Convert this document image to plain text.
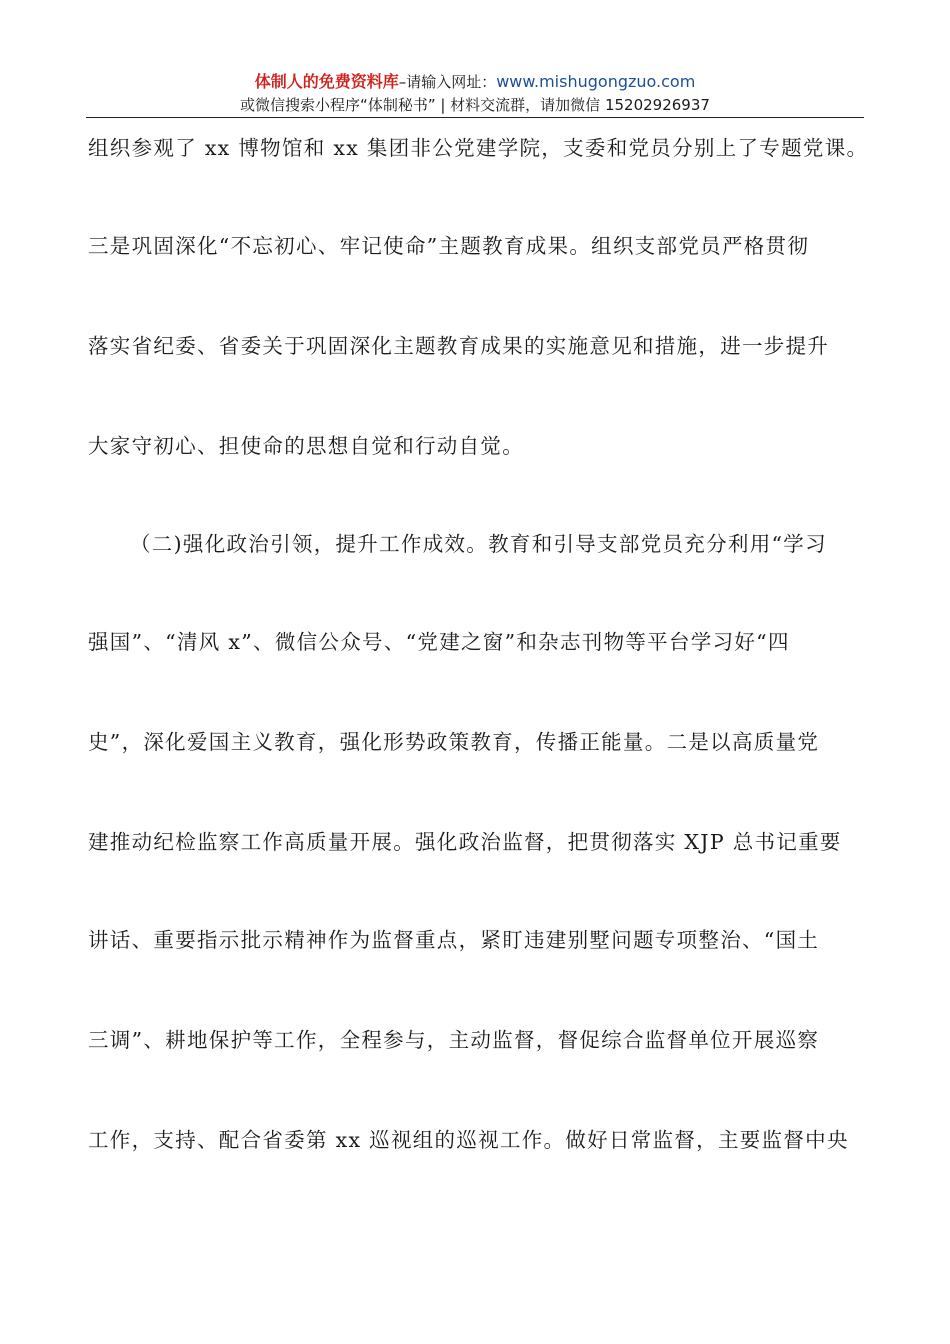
体制人的免费资料库–请输入网址：www.mishugongzuo.com
或微信搜索小程序“体制秘书” | 材料交流群，请加微信 15202926937
组织参观了 xx 博物馆和 xx 集团非公党建学院，支委和党员分别上了专题党课。
三是巩固深化“不忘初心、牢记使命”主题教育成果。组织支部党员严格贯彻
落实省纪委、省委关于巩固深化主题教育成果的实施意见和措施，进一步提升
大家守初心、担使命的思想自觉和行动自觉。
（二)强化政治引领，提升工作成效。教育和引导支部党员充分利用“学习
强国”、“清风 x”、微信公众号、“党建之窗”和杂志刊物等平台学习好“四
史”，深化爱国主义教育，强化形势政策教育，传播正能量。二是以高质量党
建推动纪检监察工作高质量开展。强化政治监督，把贯彻落实 XJP 总书记重要
讲话、重要指示批示精神作为监督重点，紧盯违建别墅问题专项整治、“国土
三调”、耕地保护等工作，全程参与，主动监督，督促综合监督单位开展巡察
工作，支持、配合省委第 xx 巡视组的巡视工作。做好日常监督，主要监督中央
